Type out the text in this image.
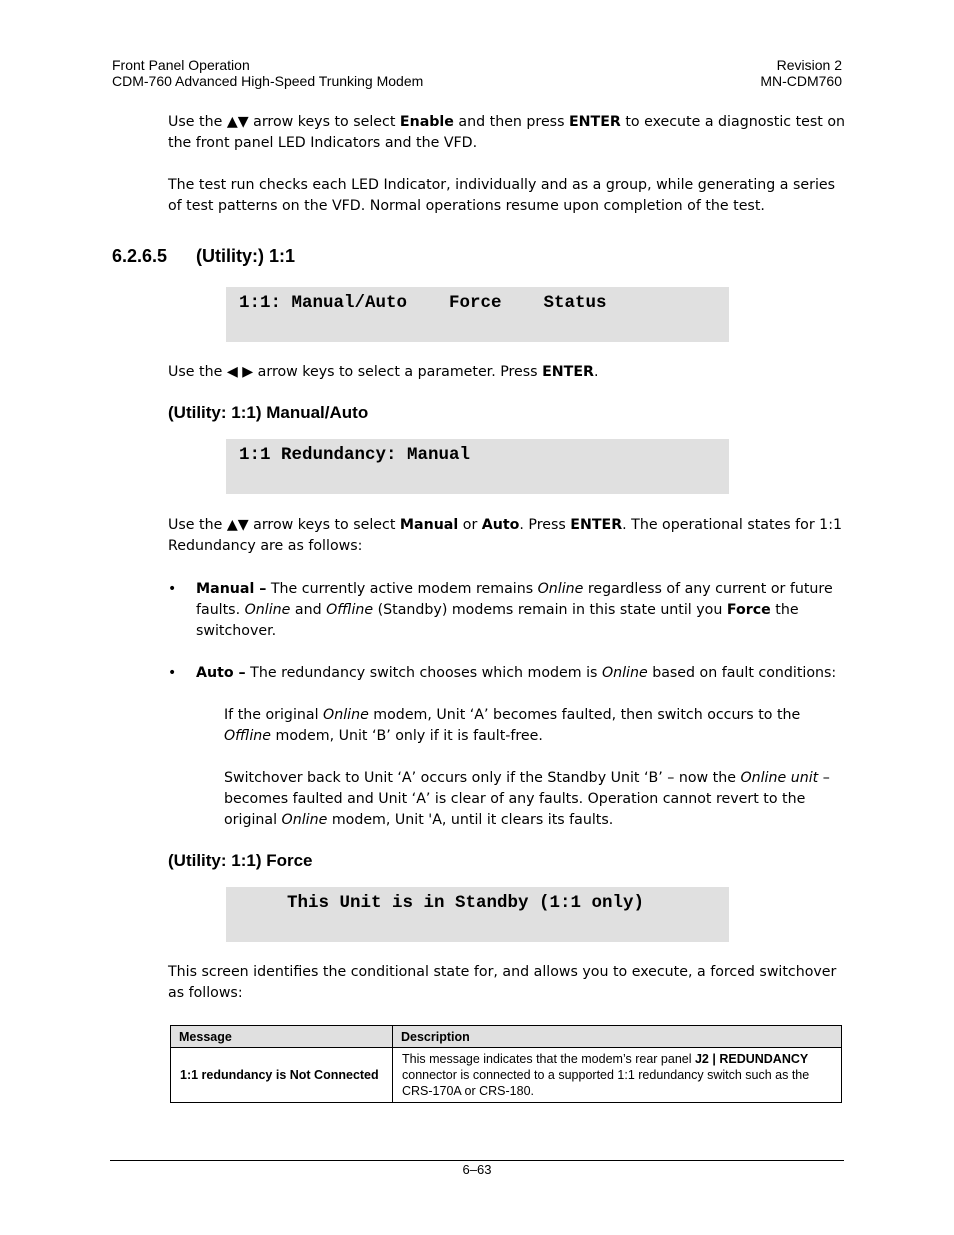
Front Panel Operation
CDM-760 Advanced High-Speed Trunking Modem
Revision 2
MN-CDM760
Use the ▲▼ arrow keys to select Enable and then press ENTER to execute a diagnostic test on the front panel LED Indicators and the VFD.
The test run checks each LED Indicator, individually and as a group, while generating a series of test patterns on the VFD. Normal operations resume upon completion of the test.
6.2.6.5 (Utility:) 1:1
1:1: Manual/Auto    Force    Status
Use the ◀ ▶ arrow keys to select a parameter. Press ENTER.
(Utility: 1:1) Manual/Auto
1:1 Redundancy: Manual
Use the ▲▼ arrow keys to select Manual or Auto. Press ENTER. The operational states for 1:1 Redundancy are as follows:
• Manual – The currently active modem remains Online regardless of any current or future faults. Online and Offline (Standby) modems remain in this state until you Force the switchover.
• Auto – The redundancy switch chooses which modem is Online based on fault conditions:
If the original Online modem, Unit ‘A’ becomes faulted, then switch occurs to the Offline modem, Unit ‘B’ only if it is fault-free.
Switchover back to Unit ‘A’ occurs only if the Standby Unit ‘B’ – now the Online unit – becomes faulted and Unit ‘A’ is clear of any faults. Operation cannot revert to the original Online modem, Unit 'A, until it clears its faults.
(Utility: 1:1) Force
This Unit is in Standby (1:1 only)
This screen identifies the conditional state for, and allows you to execute, a forced switchover as follows:
Message	Description
1:1 redundancy is Not Connected	This message indicates that the modem’s rear panel J2 | REDUNDANCY connector is connected to a supported 1:1 redundancy switch such as the CRS-170A or CRS-180.
6–63
